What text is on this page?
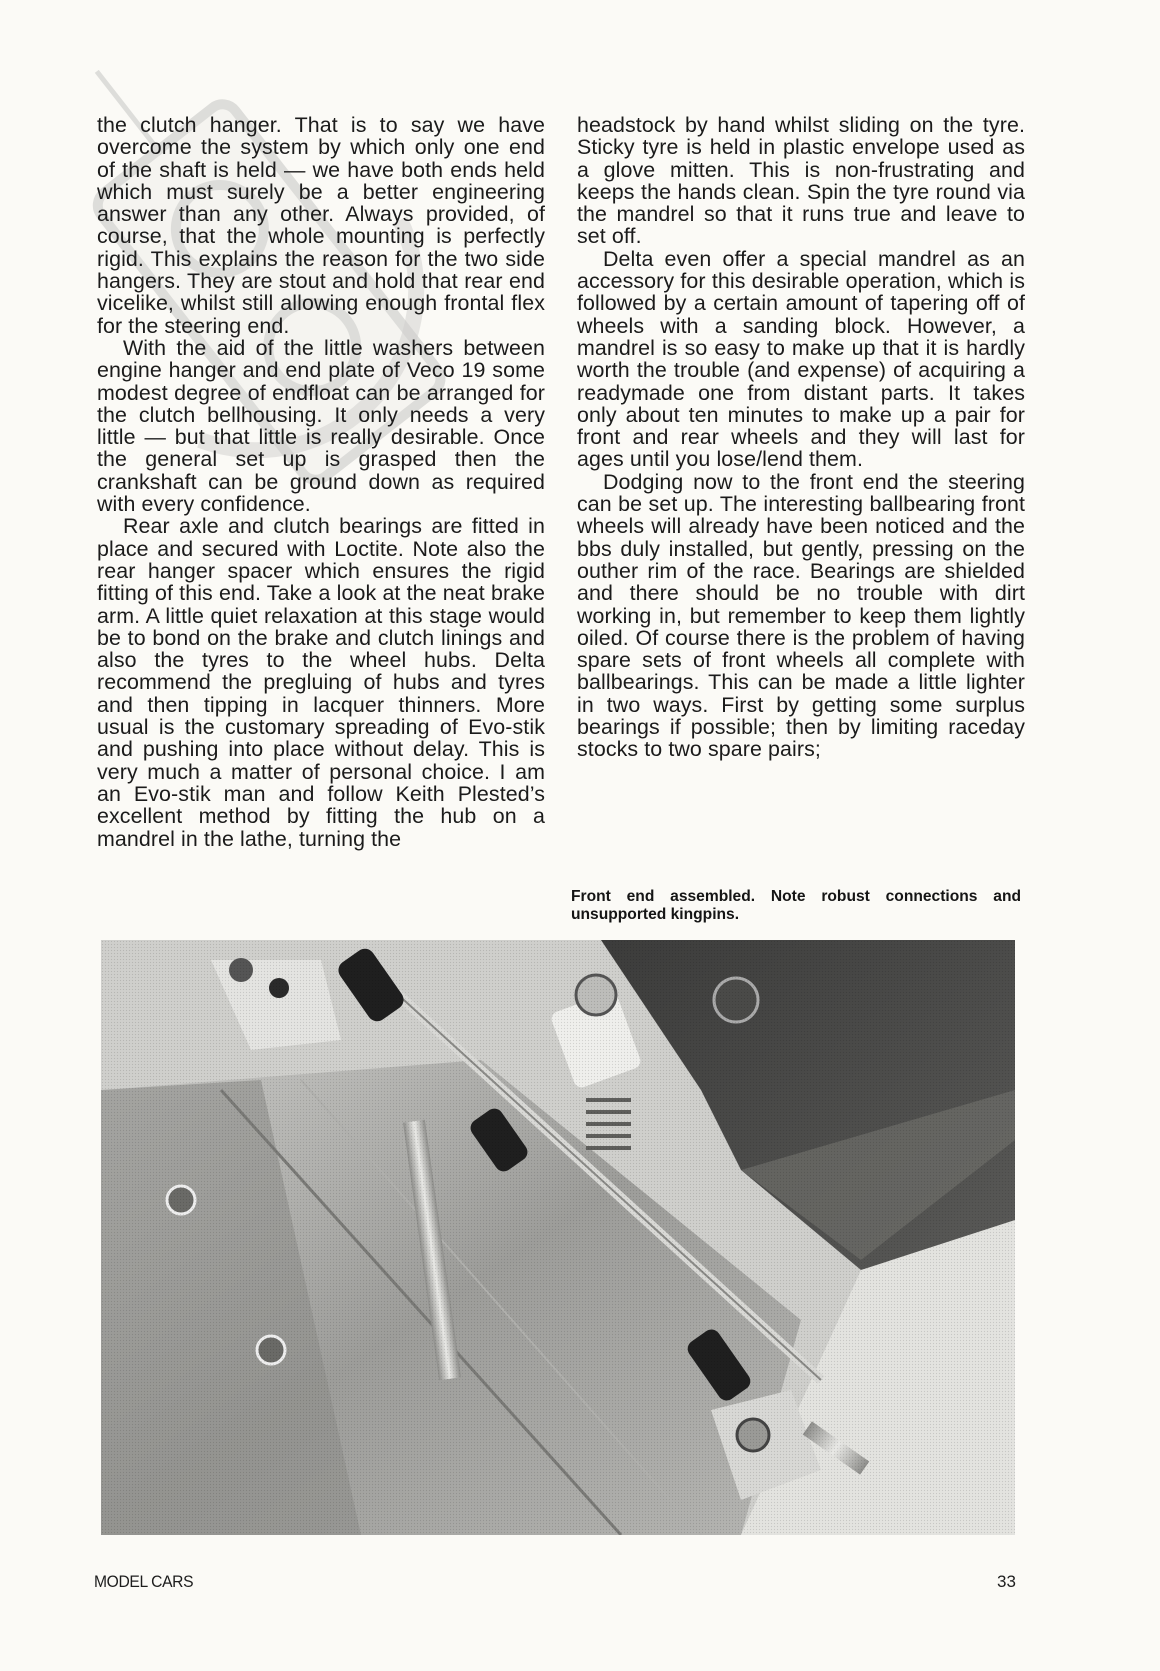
the clutch hanger. That is to say we have overcome the system by which only one end of the shaft is held — we have both ends held which must surely be a better engineering answer than any other. Always provided, of course, that the whole mounting is perfectly rigid. This explains the reason for the two side hangers. They are stout and hold that rear end vicelike, whilst still allowing enough frontal flex for the steering end.

With the aid of the little washers between engine hanger and end plate of Veco 19 some modest degree of endfloat can be arranged for the clutch bellhousing. It only needs a very little — but that little is really desirable. Once the general set up is grasped then the crankshaft can be ground down as required with every confidence.

Rear axle and clutch bearings are fitted in place and secured with Loctite. Note also the rear hanger spacer which ensures the rigid fitting of this end. Take a look at the neat brake arm. A little quiet relaxation at this stage would be to bond on the brake and clutch linings and also the tyres to the wheel hubs. Delta recommend the pregluing of hubs and tyres and then tipping in lacquer thinners. More usual is the customary spreading of Evo-stik and pushing into place without delay. This is very much a matter of personal choice. I am an Evo-stik man and follow Keith Plested’s excellent method by fitting the hub on a mandrel in the lathe, turning the

headstock by hand whilst sliding on the tyre. Sticky tyre is held in plastic envelope used as a glove mitten. This is non-frustrating and keeps the hands clean. Spin the tyre round via the mandrel so that it runs true and leave to set off.

Delta even offer a special mandrel as an accessory for this desirable operation, which is followed by a certain amount of tapering off of wheels with a sanding block. However, a mandrel is so easy to make up that it is hardly worth the trouble (and expense) of acquiring a readymade one from distant parts. It takes only about ten minutes to make up a pair for front and rear wheels and they will last for ages until you lose/lend them.

Dodging now to the front end the steering can be set up. The interesting ballbearing front wheels will already have been noticed and the bbs duly installed, but gently, pressing on the outher rim of the race. Bearings are shielded and there should be no trouble with dirt working in, but remember to keep them lightly oiled. Of course there is the problem of having spare sets of front wheels all complete with ballbearings. This can be made a little lighter in two ways. First by getting some surplus bearings if possible; then by limiting raceday stocks to two spare pairs;

Front end assembled. Note robust connections and unsupported kingpins.
MODEL CARS	33
